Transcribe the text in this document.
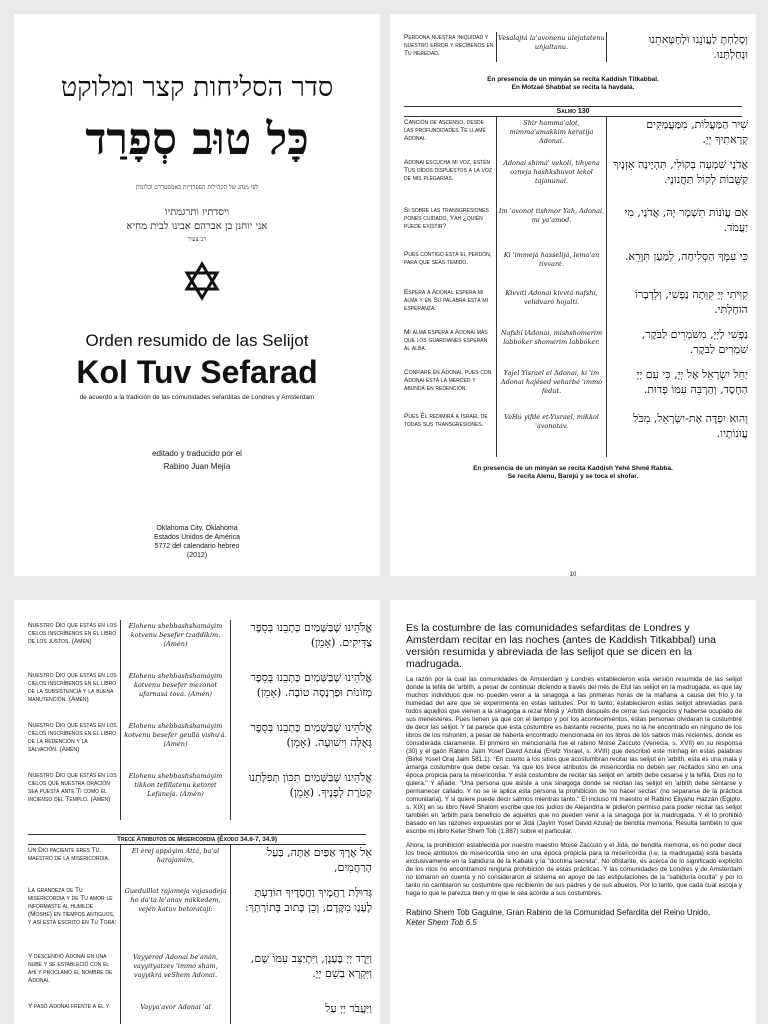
סדר הסליחות קצר ומלוקט
כָּל טוּב סְפָרַד
לפי מנהג של הקהילות הספרדיות באמסטרדם ובלונדון
ויסדתיו ותרגמתיו
אני יוחנן בן אברהם אבינו לבית מחיא
רב צעיר
Orden resumido de las Selijot
Kol Tuv Sefarad
de acuerdo a la tradición de las comunidades sefarditas de Londres y Amsterdam
editado y traducido por el
Rabino Juan Mejía
Oklahoma City, Oklahoma
Estados Unidos de América
5772 del calendario hebreo
(2012)
Perdona nuestra iniquidad y nuestro error y recíbenos en Tu heredad.
Vesalajtá la'avonenu ulejatatenu unjaltanu.
וְסָלַחְתָּ לַעֲוֺנֵנוּ וּלְחַטָּאתֵנוּ וּנְחַלְתָּנוּ.
En presencia de un minyán se recita Kaddish Titkabbal.
En Motzaé Shabbat se recita la havdalá.
Salmo 130
Canción de ascenso, desde las profundidades Te llamé Adonai.
Shir hamma'alot, mimma'amakkim keratija Adonai.
שִׁיר הַמַּעֲלוֹת, מִמַּעֲמַקִּים קְרָאתִיךָ יְיָ.
Adonai escucha mi voz, estén Tus oídos dispuestos a la voz de mis plegarias.
Adonai shimá' vekolí, tihyena ozneja hashkshuvot lekol tajanunai.
אֲדֹנָי שִׁמְעָה בְקוֹלִי, תִּהְיֶינָה אָזְנֶיךָ קַשֻּׁבוֹת לְקוֹל תַּחֲנוּנָי.
Si sobre las transgresiones pones cuidado, Yah ¿quién puede existir?
Im 'avonot tishmor Yah, Adonai, mi ya'amod.
אִם עֲוֺנוֹת תִּשְׁמָר יָהּ, אֲדֹנָי, מִי יַעֲמֹד.
Pues contigo está el perdón, para que seas temido.
Ki 'immejá hasselijá, lema'an tivvaré.
כִּי עִמְּךָ הַסְּלִיחָה, לְמַעַן תִּוָּרֵא.
Espera a Adonai, espera mi alma y en Su palabra está mi esperanza.
Kivviti Adonai kivvtá nafshí, velidvaró hojaltí.
קִוִּיתִי יְיָ קִוְּתָה נַפְשִׁי, וְלִדְבָרוֹ הוֹחָלְתִּי.
Mi alma espera a Adonai más que los guardianes esperan al alba.
Nafshí lAdonai, mishshomerim labbóker shomerim labbóker.
נַפְשִׁי לַיְיָ, מִשֹּׁמְרִים לַבֹּקֶר, שֹׁמְרִים לַבֹּקֶר.
Confiaré en Adonai, pues con Adonai está la merced y abunda en redención.
Yajel Yisrael el Adonai, ki 'im Adonai hajésed veharbé 'immó fedut.
יַחֵל יִשְׂרָאֵל אֶל יְיָ, כִּי עִם יְיָ הַחֶסֶד, וְהַרְבֵּה עִמּוֹ פְדוּת.
Pues Él redimirá a Israel de todas sus transgresiones.
VeHú yifdé et-Yisrael, mikkol 'avonotav.
וְהוּא יִפְדֶּה אֶת-יִשְׂרָאֵל, מִכֹּל עֲוֺנוֹתָיו.
En presencia de un minyán se recita Kaddish Yehé Shmé Rabba.
Se recita Alenu, Barejú y se toca el shofar.
10
Nuestro Dio que estás en los cielos inscríbenos en el libro de los justos. (Amén)
Elohenu shebbashshamáyim kotvenu besefer tzaddikim. (Amén)
אֱלֹהֵינוּ שֶׁבַּשָּׁמַיִם כָּתְבֵנוּ בְּסֵפֶר צַדִּיקִים. (אָמֵן)
Nuestro Dio que estás en los cielos inscríbenos en el libro de la subsistencia y la buena manutención. (Amén)
Elohenu shebbashshamáyim kotvenu besefer mezonot ufarnasá tová. (Amén)
אֱלֹהֵינוּ שֶׁבַּשָּׁמַיִם כָּתְבֵנוּ בְּסֵפֶר מְזוֹנוֹת וּפַרְנָסָה טוֹבָה. (אָמֵן)
Nuestro Dio que estás en los cielos inscríbenos en el libro de la redención y la salvación. (Amén)
Elohenu shebbashshamáyim kotvenu besefer geullá vishu'á. (Amén)
אֱלֹהֵינוּ שֶׁבַּשָּׁמַיִם כָּתְבֵנוּ בְּסֵפֶר גְּאֻלָּה וִישׁוּעָה. (אָמֵן)
Nuestro Dio que estás en los cielos que nuestra oración sea puesta ante Ti como el incienso del Templo. (Amén)
Elohenu shebbashshamáyim tikkon tefillatenu ketoret Lefaneja. (Amén)
אֱלֹהֵינוּ שֶׁבַּשָּׁמַיִם תִּכּוֹן תְּפִלָּתֵנוּ קְטֹרֶת לְפָנֶיךָ. (אָמֵן)
Trece Atributos de Misericordia (Éxodo 34.6-7, 34.9)
Un Dio paciente eres Tú, maestro de la misericordia.
El érej appáyim Attá, ba'al harajamim,
אֵל אֶרֶךְ אַפַּיִם אַתָּה, בַּעַל הָרַחֲמִים,
La grandeza de Tu misericordia y de Tu amor le informaste al humilde (Moshé) en tiempos antiguos, y así está escrito en Tu Torá:
Gueduillat rajameja vajasadeja ho da'ta le'anav mikkedem, vején katuv betoratají:
גְּדוּלַּת רַחֲמֶיךָ וַחֲסָדֶיךָ הוֹדַעְתָּ לֶעָנָו מִקֶּדֶם, וְכֵן כָּתוּב בְּתוֹרָתָךְ:
Y descendió Adonai en una nube y se estableció con él ahí y proclamó el nombre de Adonai.
Vayyéred Adonai be'anán, vayyityatzev 'immó sham, vayyikrá veShem Adonai.
וַיֵּרֶד יְיָ בֶּעָנָן, וַיִּתְיַצֵּב עִמּוֹ שָׁם, וַיִּקְרָא בְשֵׁם יְיָ.
Y pasó Adonai frente a él y	Vayya'avor Adonai 'al	וַיַּעֲבֹר יְיָ עַל
Es la costumbre de las comunidades sefarditas de Londres y Amsterdam recitar en las noches (antes de Kaddish Titkabbal) una versión resumida y abreviada de las selijot que se dicen en la madrugada.
La razón por la cual las comunidades de Amsterdam y Londres establecieron esta versión resumida de las selijot donde la tefilá de 'arbith, a pesar de continuar diciendo a través del mes de Elul las selijot en la madrugada, es que lay muchos individuos que no pueden venir a la sinagoga a las primeras horas de la mañana a causa del frío y la humedad del aire que se experimenta en estas latitudes. Por lo tanto, establecieron estas selijot abreviadas para todos aquellos que vienen a la sinagoga a rezar Minjá y 'Arbith después de cerrar sus negocios y haberse ocupado de sus menesteres. Pues tienen ya que con el tiempo y por los acontecimientos, estas personas olvidaran la costumbre de decir las selijot. Y tal parece que esta costumbre es bastante reciente, pues no la he encontrado en ninguno de los libros de los rishonim, a pesar de haberla encontrado mencionada en los libros de los sabios más recientes, donde es considerada claramente. El primero en mencionarla fue el rabino Moisé Zaccuto (Venecia, s. XVII) en su responsa (30) y el gaón Rabino Jaím Yosef David Azulai (Eretz Yisrael, s. XVIII) que describió este minhag en estas palabras (Birké Yosef Oraj Jaim 581.1): "En cuanto a los sitios que acostumbran recitar las selijot en 'arbith, esta es una mala y amarga costumbre que debe cesar. Ya que los trece atributos de misericordia no deben ser recitados sino en una época propicia para la misericordia. Y esta costumbre de recitar las selijot en 'arbith debe cesarse y la tefilá, Dios no lo quiera." Y añade: "Una persona que asiste a una sinagoga donde se recitan las selijot en 'arbith debe sentarse y permanecer callado. Y no se le aplica esta persona la prohibición de 'no hacer sectas' (no separarse de la práctica comunitaria). Y si quiere puede decir salmos mientras tanto." El incluso mi maestro el Rabino Eliyahu Hazzán (Egipto, s. XIX) en su libro Nevé Shalom escribe que los judíos de Alejandría le pidieron permiso para poder recitar las selijot también en 'arbith para beneficio de aquellos que no pueden venir a la sinagoga por la madrugada. Y él lo prohibió basado en las razones expuestas por el Jidá (Jayim Yosef David Azulai) de bendita memoria. Resulta también lo que escribe mi libro Keter Shem Tob (1.887) sobre el particular.
Ahora, la prohibición establecida por nuestro maestro Moisé Zaccuto y el Jidá, de bendita memoria, es no poder decir los trece atributos de misericordia sino en una época propicia para la misericordia (i.e. la madrugada) está basada exclusivamente en la sabiduría de la Kabalá y la "doctrina secreta". No obstante, es acerca de lo significado explícito de los ritos no encontramos ninguna prohibición de estas prácticas. Y las comunidades de Londres y de Amsterdam no tomaron en cuenta y no consideraron el sistema en apoyo de las estipulaciones de la "sabiduría oculta" y por lo tanto no cambiaron su costumbre que recibieron de sus padres y de sus abuelos. Por lo tanto, que cada cual escoja y haga lo que le parezca bien y lo que le sea acorde a sus costumbres.
Rabino Shem Tob Gaguine, Gran Rabino de la Comunidad Sefardita del Reino Unido,
Keter Shem Tob 6.5
